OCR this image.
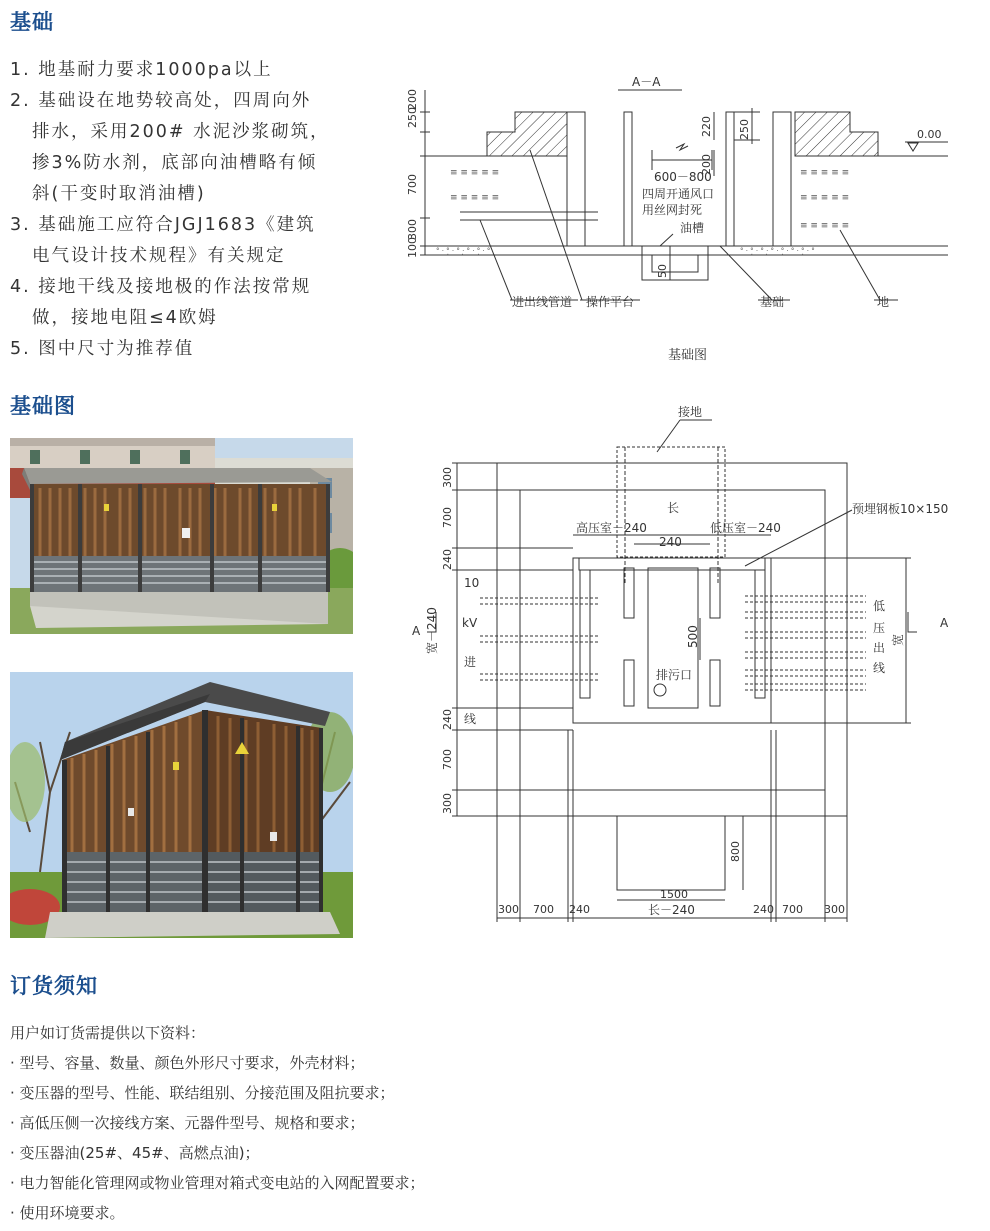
基础
基础图
订货须知
1. 地基耐力要求1000pa以上
2. 基础设在地势较高处，四周向外
排水，采用200# 水泥沙浆砌筑，
掺3%防水剂，底部向油槽略有倾
斜(干变时取消油槽)
3. 基础施工应符合JGJ1683《建筑
电气设计技术规程》有关规定
4. 接地干线及接地极的作法按常规
做，接地电阻≤4欧姆
5. 图中尺寸为推荐值
≡ ≡ ≡ ≡ ≡
≡ ≡ ≡ ≡ ≡
≡ ≡ ≡ ≡ ≡
≡ ≡ ≡ ≡ ≡
≡ ≡ ≡ ≡ ≡
° · °̣ · ° ·̣ ° · °̣ · °	° · °̣ · ° ·̣ ° · °̣ · ° · °̣ · °
A－A
0.00
250
200
700
100
300
220
200
250
50
600－800
四周开通风口
用丝网封死
油槽
进出线管道 操作平台	基础	地
基础图
接地
长
高压室－240	低压室－240
预埋钢板10×150
240
500
排污口
宽－240	宽
10
kV
进
线
低
压
出
线
A
A
300
700
240
240
700
300
300 700 240	240 700 300
800
1500
长－240
用户如订货需提供以下资料：
· 型号、容量、数量、颜色外形尺寸要求，外壳材料；
· 变压器的型号、性能、联结组别、分接范围及阻抗要求；
· 高低压侧一次接线方案、元器件型号、规格和要求；
· 变压器油(25#、45#、高燃点油)；
· 电力智能化管理网或物业管理对箱式变电站的入网配置要求；
· 使用环境要求。
